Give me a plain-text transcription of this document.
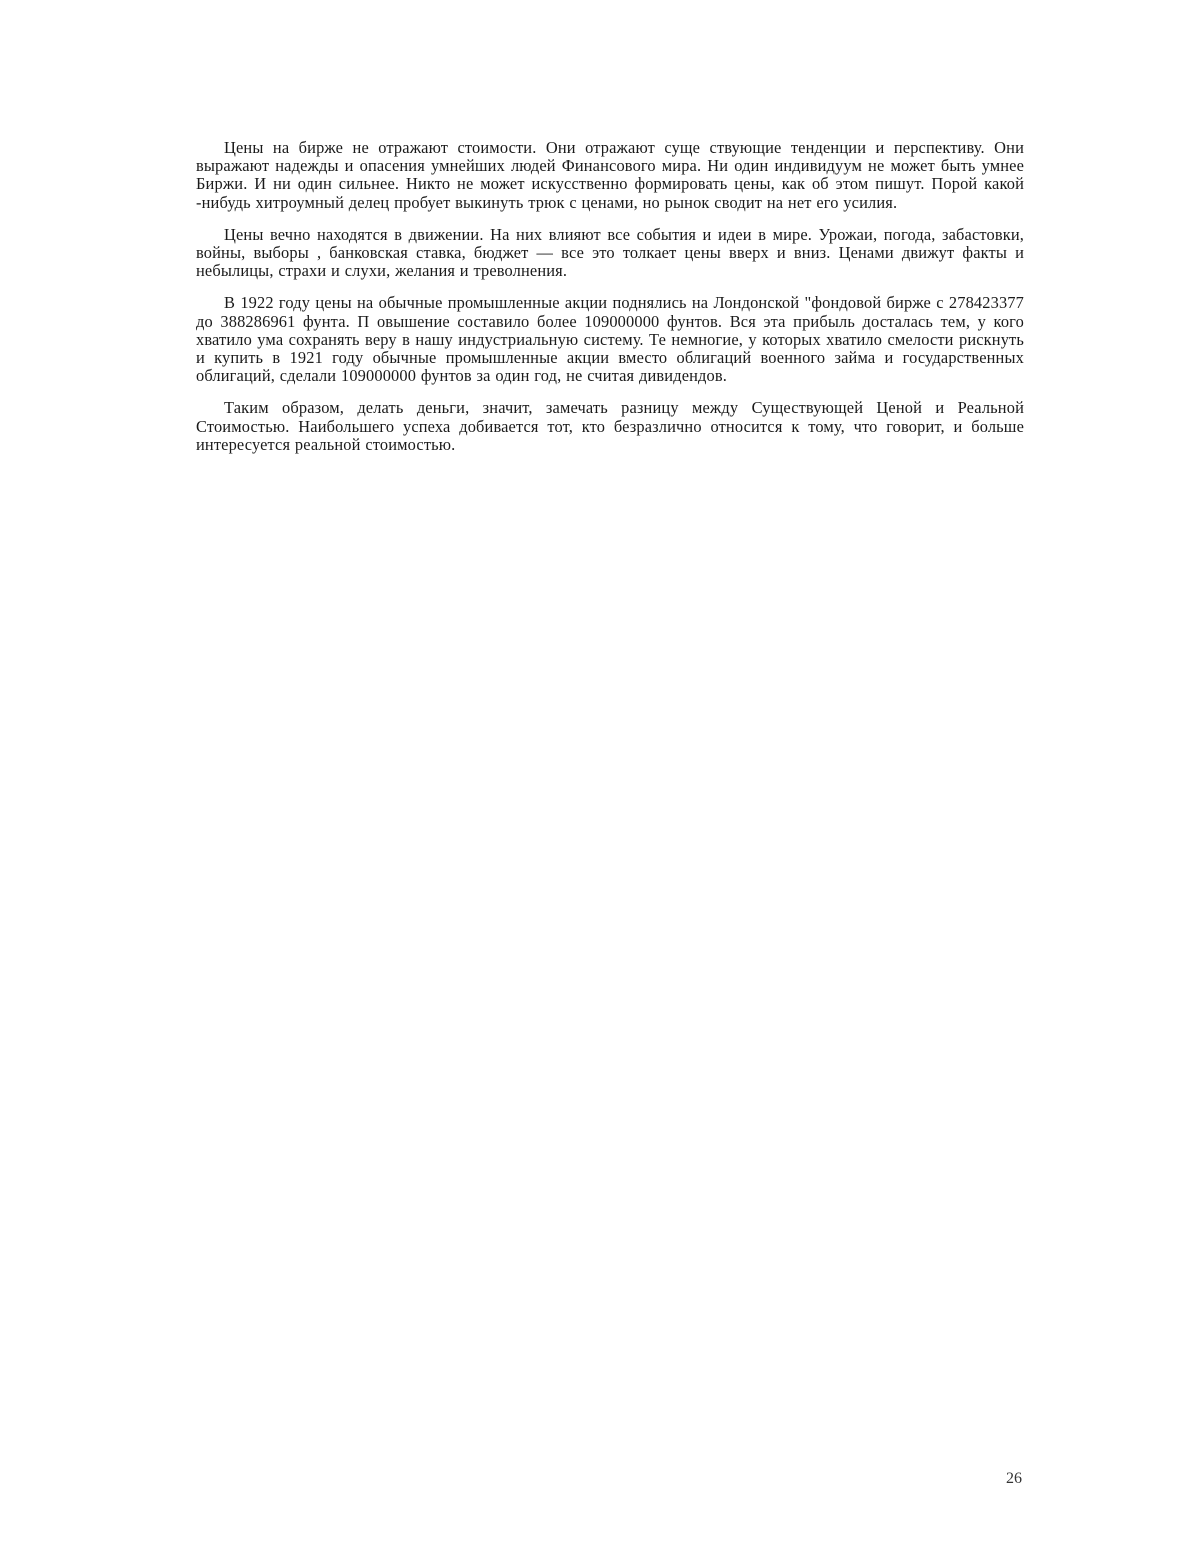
Цены на бирже не отражают стоимости. Они отражают суще ствующие тенденции и перспективу. Они выражают надежды и опасения умнейших людей Финансового мира. Ни один индивидуум не может быть умнее Биржи. И ни один сильнее. Никто не может искусственно формировать цены, как об этом пишут. Порой какой -нибудь хитроумный делец пробует выкинуть трюк с ценами, но рынок сводит на нет его усилия.

Цены вечно находятся в движении. На них влияют все события и идеи в мире. Урожаи, погода, забастовки, войны, выборы , банковская ставка, бюджет — все это толкает цены вверх и вниз. Ценами движут факты и небылицы, страхи и слухи, желания и треволнения.

В 1922 году цены на обычные промышленные акции поднялись на Лондонской "фондовой бирже с 278423377 до 388286961 фунта. П овышение составило более 109000000 фунтов. Вся эта прибыль досталась тем, у кого хватило ума сохранять веру в нашу индустриальную систему. Те немногие, у которых хватило смелости рискнуть и купить в 1921 году обычные промышленные акции вместо облигаций военного займа и государственных облигаций, сделали 109000000 фунтов за один год, не считая дивидендов.

Таким образом, делать деньги, значит, замечать разницу между Существующей Ценой и Реальной Стоимостью. Наибольшего успеха добивается тот, кто безразлично относится к тому, что говорит, и больше интересуется реальной стоимостью.

26
